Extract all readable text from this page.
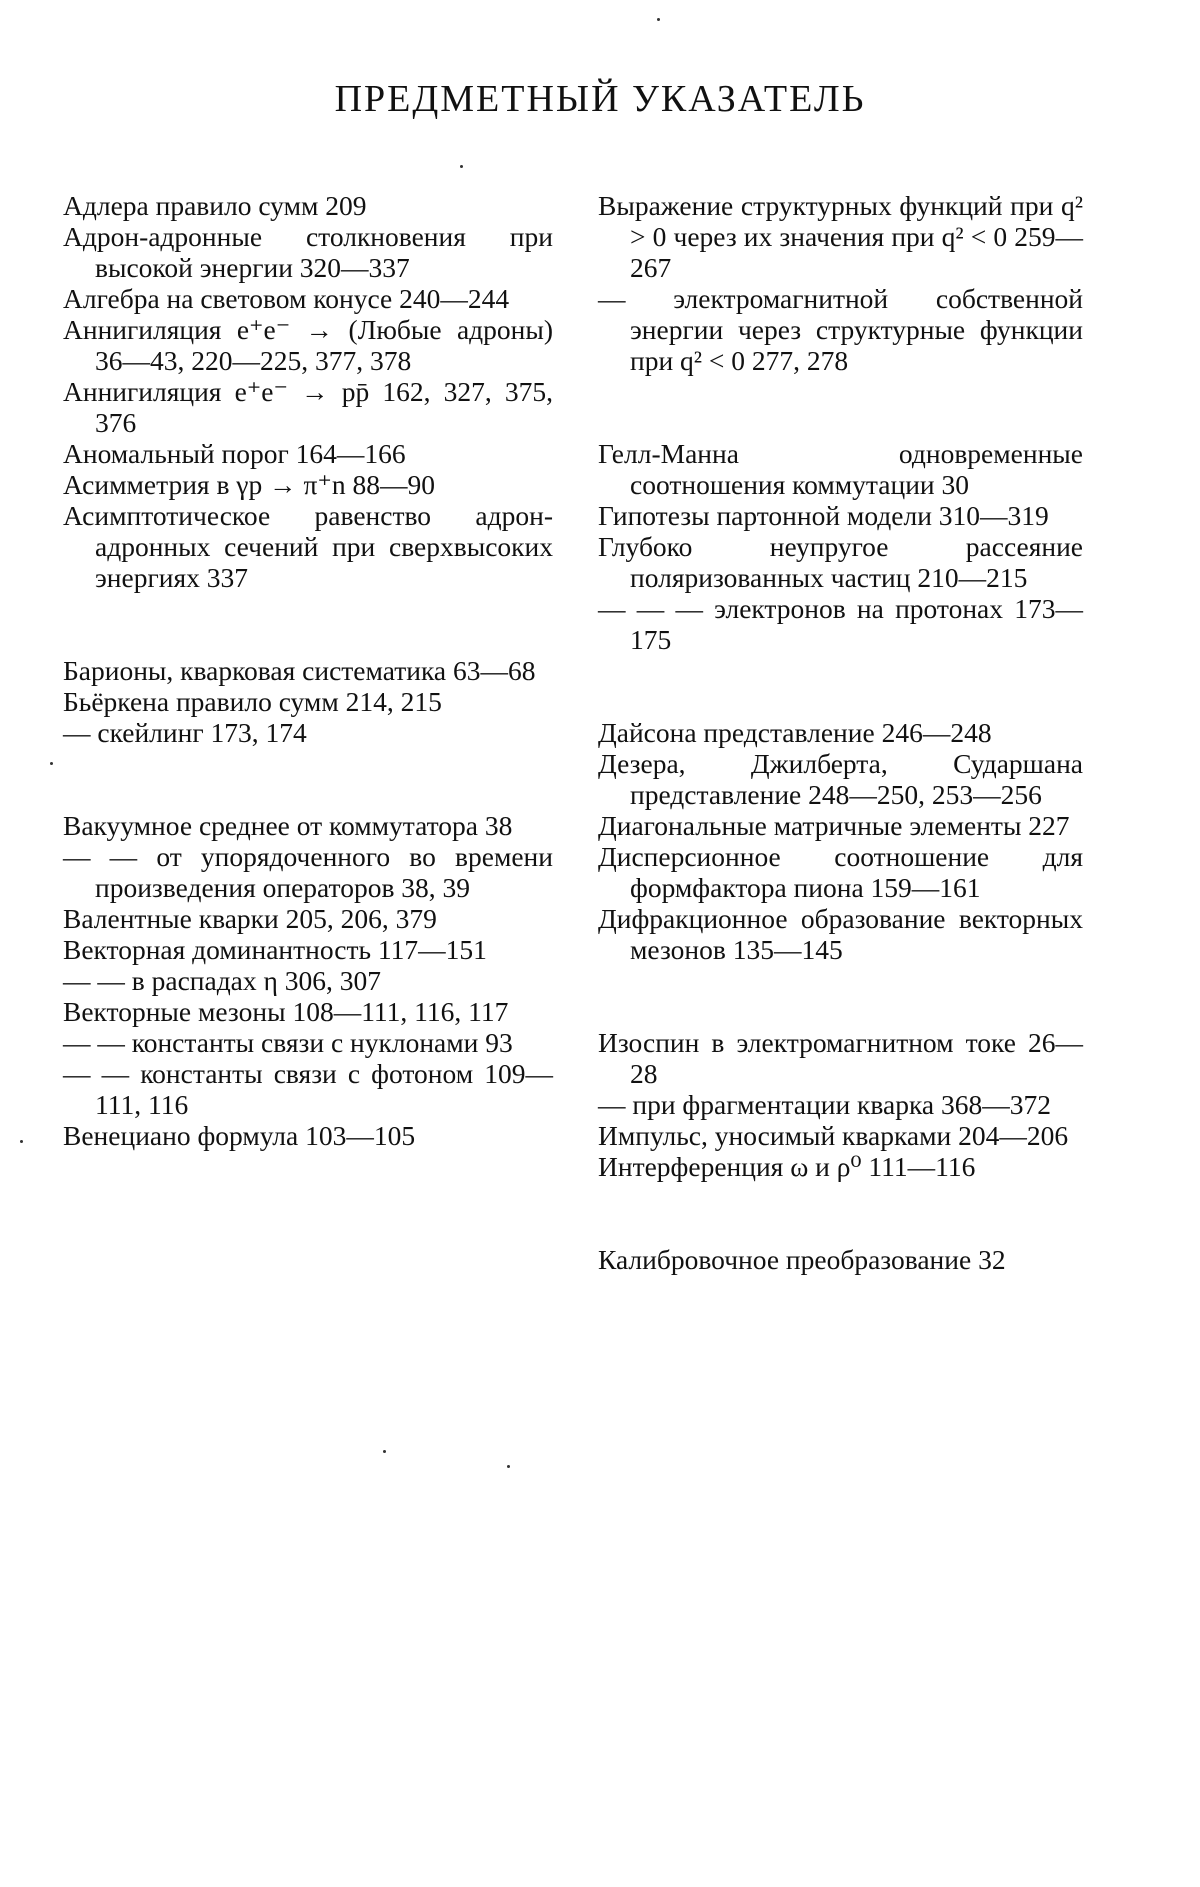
ПРЕДМЕТНЫЙ УКАЗАТЕЛЬ

Адлера правило сумм 209

Адрон-адронные столкновения при высокой энергии 320—337

Алгебра на световом конусе 240—244

Аннигиляция e⁺e⁻ → (Любые адроны) 36—43, 220—225, 377, 378

Аннигиляция e⁺e⁻ → pp̄ 162, 327, 375, 376

Аномальный порог 164—166

Асимметрия в γp → π⁺n 88—90

Асимптотическое равенство адрон-адронных сечений при сверхвысоких энергиях 337

Барионы, кварковая систематика 63—68

Бьёркена правило сумм 214, 215

— скейлинг 173, 174

Вакуумное среднее от коммутатора 38

— — от упорядоченного во времени произведения операторов 38, 39

Валентные кварки 205, 206, 379

Векторная доминантность 117—151

— — в распадах η 306, 307

Векторные мезоны 108—111, 116, 117

— — константы связи с нуклонами 93

— — константы связи с фотоном 109—111, 116

Венециано формула 103—105

Выражение структурных функций при q² > 0 через их значения при q² < 0 259—267

— электромагнитной собственной энергии через структурные функции при q² < 0 277, 278

Гелл-Манна одновременные соотношения коммутации 30

Гипотезы партонной модели 310—319

Глубоко неупругое рассеяние поляризованных частиц 210—215

— — — электронов на протонах 173—175

Дайсона представление 246—248

Дезера, Джилберта, Сударшана представление 248—250, 253—256

Диагональные матричные элементы 227

Дисперсионное соотношение для формфактора пиона 159—161

Дифракционное образование векторных мезонов 135—145

Изоспин в электромагнитном токе 26—28

— при фрагментации кварка 368—372

Импульс, уносимый кварками 204—206

Интерференция ω и ρ⁰ 111—116

Калибровочное преобразование 32
